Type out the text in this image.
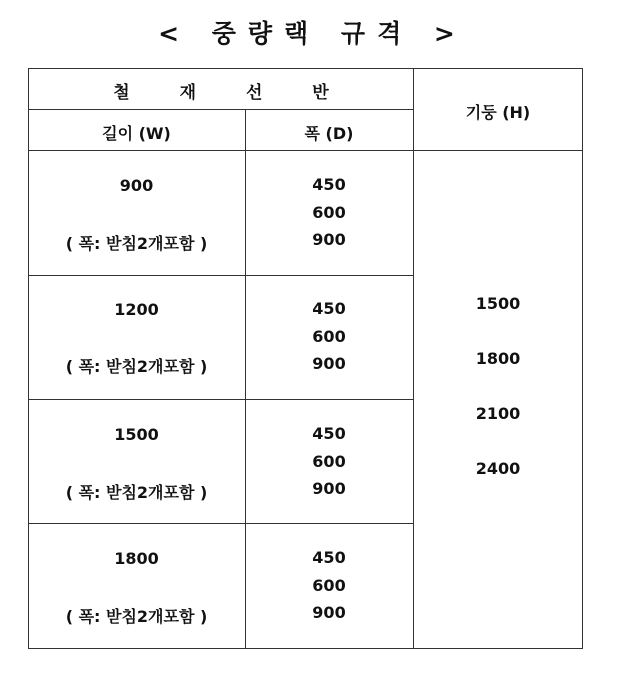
< 중량랙 규격 >
철 재 선 반
길이 (W)	폭 (D)
기둥 (H)
900
( 폭: 받침2개포함 )
450
600
900
1200
( 폭: 받침2개포함 )
450
600
900
1500
( 폭: 받침2개포함 )
450
600
900
1800
( 폭: 받침2개포함 )
450
600
900
1500
1800
2100
2400
